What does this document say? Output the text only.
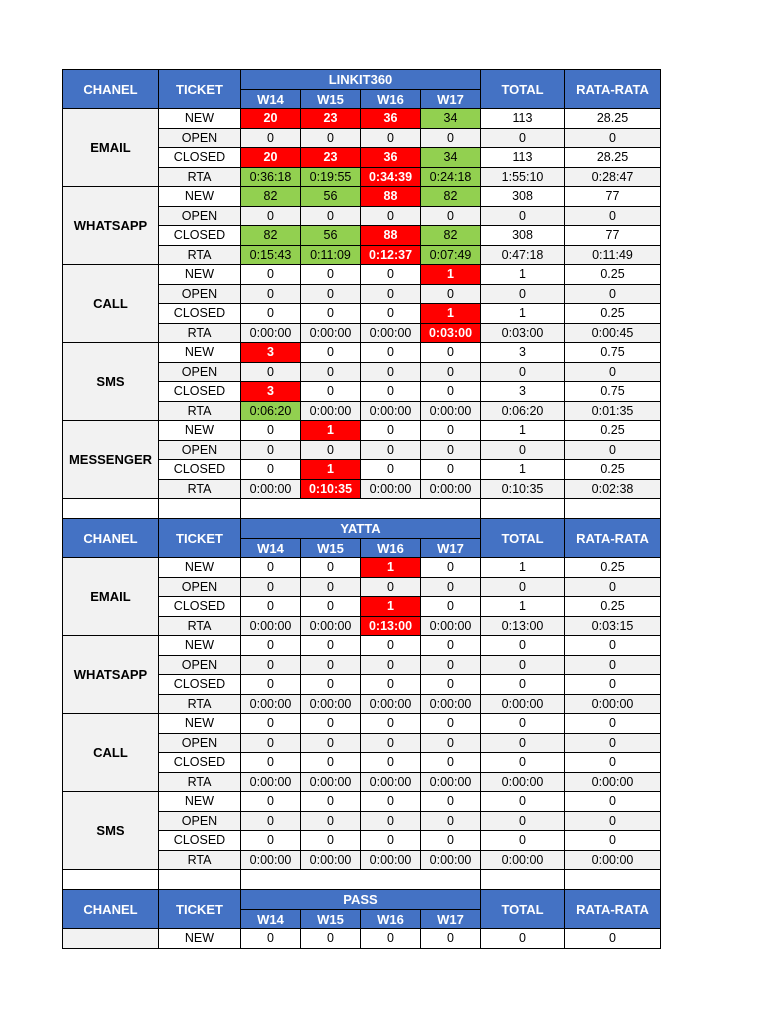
CHANEL	TICKET	LINKIT360				TOTAL	RATA-RATA
		W14	W15	W16	W17		
EMAIL	NEW	20	23	36	34	113	28.25
	OPEN	0	0	0	0	0	0
	CLOSED	20	23	36	34	113	28.25
	RTA	0:36:18	0:19:55	0:34:39	0:24:18	1:55:10	0:28:47
WHATSAPP	NEW	82	56	88	82	308	77
	OPEN	0	0	0	0	0	0
	CLOSED	82	56	88	82	308	77
	RTA	0:15:43	0:11:09	0:12:37	0:07:49	0:47:18	0:11:49
CALL	NEW	0	0	0	1	1	0.25
	OPEN	0	0	0	0	0	0
	CLOSED	0	0	0	1	1	0.25
	RTA	0:00:00	0:00:00	0:00:00	0:03:00	0:03:00	0:00:45
SMS	NEW	3	0	0	0	3	0.75
	OPEN	0	0	0	0	0	0
	CLOSED	3	0	0	0	3	0.75
	RTA	0:06:20	0:00:00	0:00:00	0:00:00	0:06:20	0:01:35
MESSENGER	NEW	0	1	0	0	1	0.25
	OPEN	0	0	0	0	0	0
	CLOSED	0	1	0	0	1	0.25
	RTA	0:00:00	0:10:35	0:00:00	0:00:00	0:10:35	0:02:38

CHANEL	TICKET	YATTA				TOTAL	RATA-RATA
		W14	W15	W16	W17		
EMAIL	NEW	0	0	1	0	1	0.25
	OPEN	0	0	0	0	0	0
	CLOSED	0	0	1	0	1	0.25
	RTA	0:00:00	0:00:00	0:13:00	0:00:00	0:13:00	0:03:15
WHATSAPP	NEW	0	0	0	0	0	0
	OPEN	0	0	0	0	0	0
	CLOSED	0	0	0	0	0	0
	RTA	0:00:00	0:00:00	0:00:00	0:00:00	0:00:00	0:00:00
CALL	NEW	0	0	0	0	0	0
	OPEN	0	0	0	0	0	0
	CLOSED	0	0	0	0	0	0
	RTA	0:00:00	0:00:00	0:00:00	0:00:00	0:00:00	0:00:00
SMS	NEW	0	0	0	0	0	0
	OPEN	0	0	0	0	0	0
	CLOSED	0	0	0	0	0	0
	RTA	0:00:00	0:00:00	0:00:00	0:00:00	0:00:00	0:00:00

CHANEL	TICKET	PASS				TOTAL	RATA-RATA
		W14	W15	W16	W17		
	NEW	0	0	0	0	0	0
